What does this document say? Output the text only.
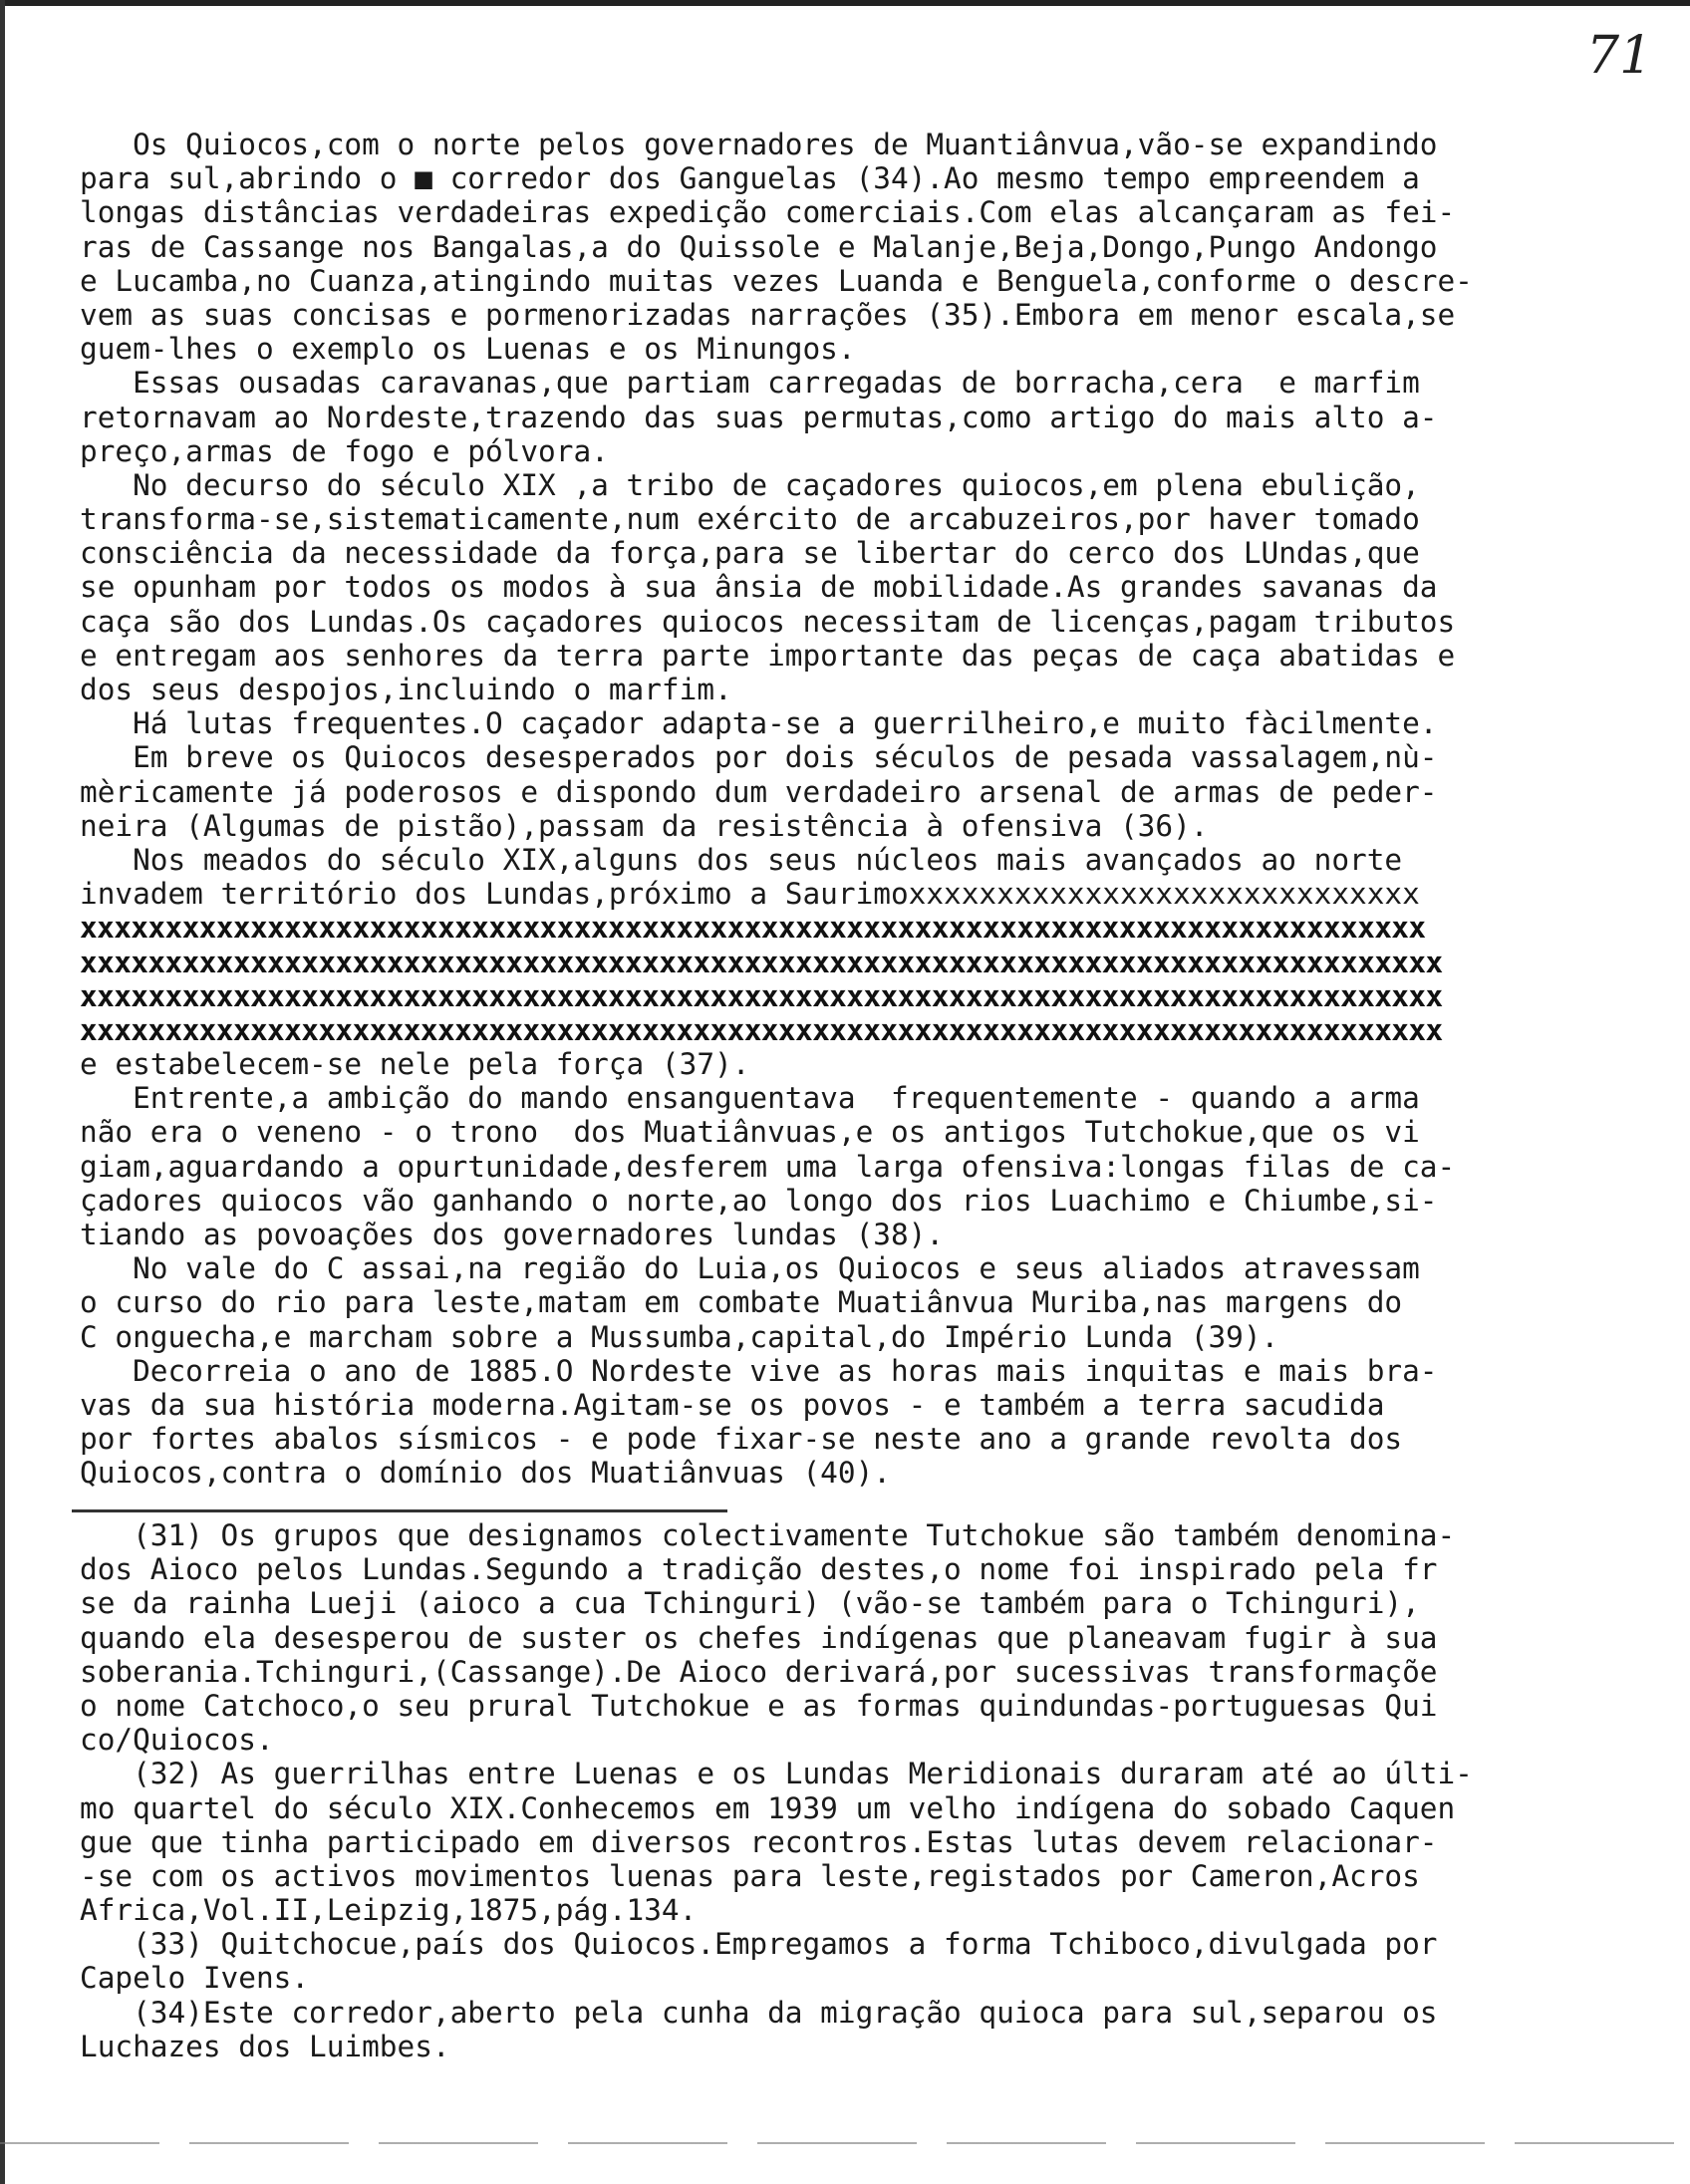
71
Os Quiocos,com o norte pelos governadores de Muantiânvua,vão-se expandindo
para sul,abrindo o ■ corredor dos Ganguelas (34).Ao mesmo tempo empreendem a
longas distâncias verdadeiras expedição comerciais.Com elas alcançaram as fei-
ras de Cassange nos Bangalas,a do Quissole e Malanje,Beja,Dongo,Pungo Andongo
e Lucamba,no Cuanza,atingindo muitas vezes Luanda e Benguela,conforme o descre-
vem as suas concisas e pormenorizadas narrações (35).Embora em menor escala,se
guem-lhes o exemplo os Luenas e os Minungos.
Essas ousadas caravanas,que partiam carregadas de borracha,cera  e marfim
retornavam ao Nordeste,trazendo das suas permutas,como artigo do mais alto a-
preço,armas de fogo e pólvora.
No decurso do século XIX ,a tribo de caçadores quiocos,em plena ebulição,
transforma-se,sistematicamente,num exército de arcabuzeiros,por haver tomado
consciência da necessidade da força,para se libertar do cerco dos LUndas,que
se opunham por todos os modos à sua ânsia de mobilidade.As grandes savanas da
caça são dos Lundas.Os caçadores quiocos necessitam de licenças,pagam tributos
e entregam aos senhores da terra parte importante das peças de caça abatidas e
dos seus despojos,incluindo o marfim.
Há lutas frequentes.O caçador adapta-se a guerrilheiro,e muito fàcilmente.
Em breve os Quiocos desesperados por dois séculos de pesada vassalagem,nù-
mèricamente já poderosos e dispondo dum verdadeiro arsenal de armas de peder-
neira (Algumas de pistão),passam da resistência à ofensiva (36).
Nos meados do século XIX,alguns dos seus núcleos mais avançados ao norte
invadem território dos Lundas,próximo a Saurimoxxxxxxxxxxxxxxxxxxxxxxxxxxxxx
xxxxxxxxxxxxxxxxxxxxxxxxxxxxxxxxxxxxxxxxxxxxxxxxxxxxxxxxxxxxxxxxxxxxxxxxxxxxxxx
xxxxxxxxxxxxxxxxxxxxxxxxxxxxxxxxxxxxxxxxxxxxxxxxxxxxxxxxxxxxxxxxxxxxxxxxxxxxxxxx
xxxxxxxxxxxxxxxxxxxxxxxxxxxxxxxxxxxxxxxxxxxxxxxxxxxxxxxxxxxxxxxxxxxxxxxxxxxxxxxx
xxxxxxxxxxxxxxxxxxxxxxxxxxxxxxxxxxxxxxxxxxxxxxxxxxxxxxxxxxxxxxxxxxxxxxxxxxxxxxxx
e estabelecem-se nele pela força (37).
Entrente,a ambição do mando ensanguentava  frequentemente - quando a arma
não era o veneno - o trono  dos Muatiânvuas,e os antigos Tutchokue,que os vi
giam,aguardando a opurtunidade,desferem uma larga ofensiva:longas filas de ca-
çadores quiocos vão ganhando o norte,ao longo dos rios Luachimo e Chiumbe,si-
tiando as povoações dos governadores lundas (38).
No vale do C assai,na região do Luia,os Quiocos e seus aliados atravessam
o curso do rio para leste,matam em combate Muatiânvua Muriba,nas margens do
C onguecha,e marcham sobre a Mussumba,capital,do Império Lunda (39).
Decorreia o ano de 1885.O Nordeste vive as horas mais inquitas e mais bra-
vas da sua história moderna.Agitam-se os povos - e também a terra sacudida
por fortes abalos sísmicos - e pode fixar-se neste ano a grande revolta dos
Quiocos,contra o domínio dos Muatiânvuas (40).
(31) Os grupos que designamos colectivamente Tutchokue são também denomina-
dos Aioco pelos Lundas.Segundo a tradição destes,o nome foi inspirado pela fr
se da rainha Lueji (aioco a cua Tchinguri) (vão-se também para o Tchinguri),
quando ela desesperou de suster os chefes indígenas que planeavam fugir à sua
soberania.Tchinguri,(Cassange).De Aioco derivará,por sucessivas transformaçõe
o nome Catchoco,o seu prural Tutchokue e as formas quindundas-portuguesas Qui
co/Quiocos.
(32) As guerrilhas entre Luenas e os Lundas Meridionais duraram até ao últi-
mo quartel do século XIX.Conhecemos em 1939 um velho indígena do sobado Caquen
gue que tinha participado em diversos recontros.Estas lutas devem relacionar-
-se com os activos movimentos luenas para leste,registados por Cameron,Acros
Africa,Vol.II,Leipzig,1875,pág.134.
(33) Quitchocue,país dos Quiocos.Empregamos a forma Tchiboco,divulgada por
Capelo Ivens.
(34)Este corredor,aberto pela cunha da migração quioca para sul,separou os
Luchazes dos Luimbes.
